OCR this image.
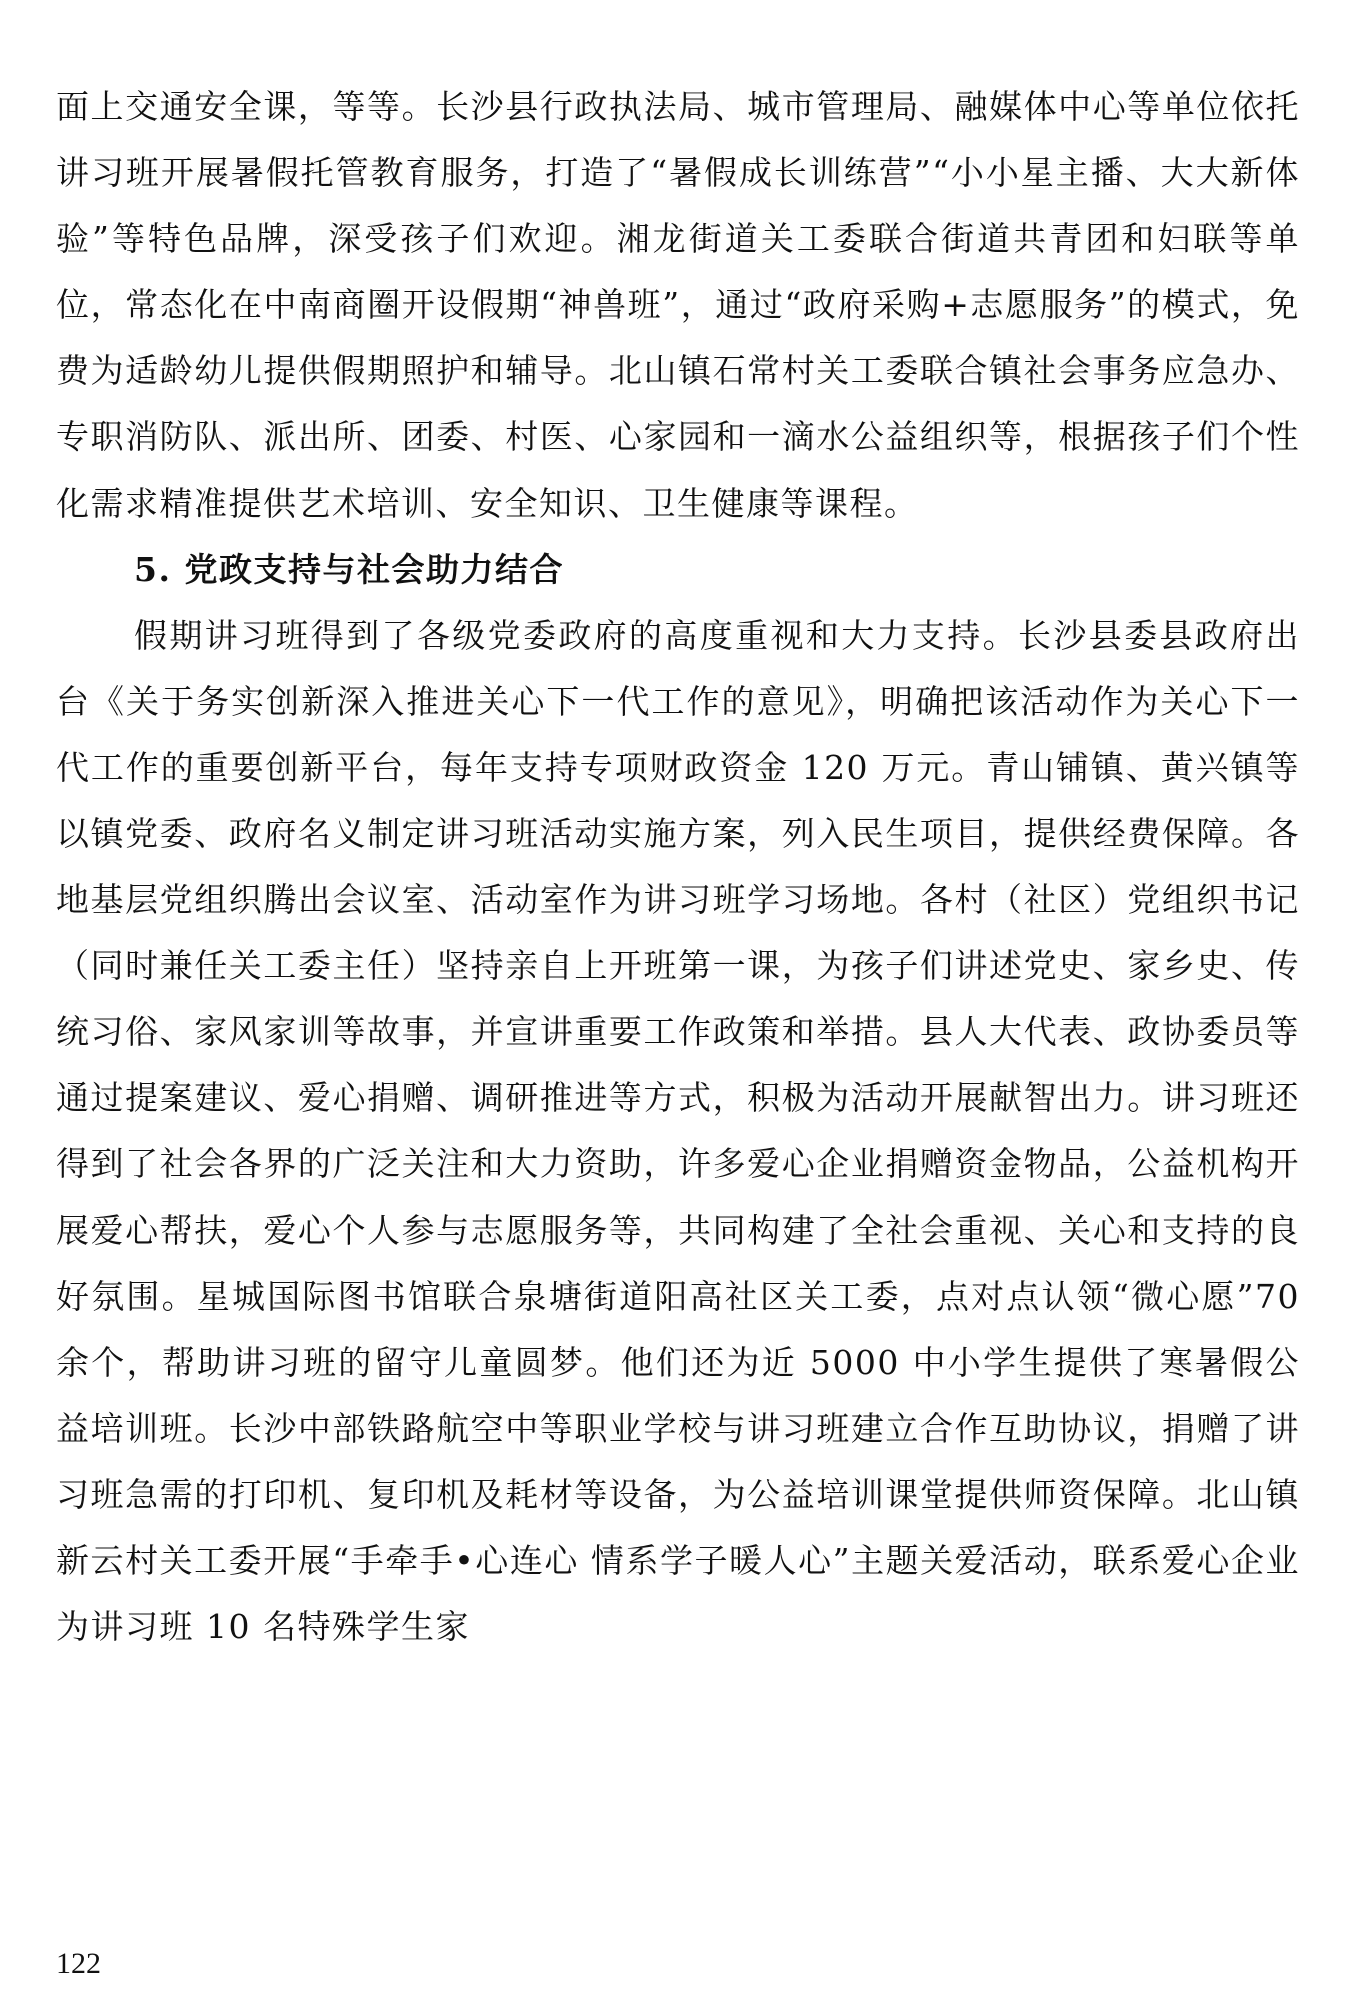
面上交通安全课，等等。长沙县行政执法局、城市管理局、融媒体中心等单位依托讲习班开展暑假托管教育服务，打造了“暑假成长训练营”“小小星主播、大大新体验”等特色品牌，深受孩子们欢迎。湘龙街道关工委联合街道共青团和妇联等单位，常态化在中南商圈开设假期“神兽班”，通过“政府采购+志愿服务”的模式，免费为适龄幼儿提供假期照护和辅导。北山镇石常村关工委联合镇社会事务应急办、专职消防队、派出所、团委、村医、心家园和一滴水公益组织等，根据孩子们个性化需求精准提供艺术培训、安全知识、卫生健康等课程。

5. 党政支持与社会助力结合

假期讲习班得到了各级党委政府的高度重视和大力支持。长沙县委县政府出台《关于务实创新深入推进关心下一代工作的意见》，明确把该活动作为关心下一代工作的重要创新平台，每年支持专项财政资金 120 万元。青山铺镇、黄兴镇等以镇党委、政府名义制定讲习班活动实施方案，列入民生项目，提供经费保障。各地基层党组织腾出会议室、活动室作为讲习班学习场地。各村（社区）党组织书记（同时兼任关工委主任）坚持亲自上开班第一课，为孩子们讲述党史、家乡史、传统习俗、家风家训等故事，并宣讲重要工作政策和举措。县人大代表、政协委员等通过提案建议、爱心捐赠、调研推进等方式，积极为活动开展献智出力。讲习班还得到了社会各界的广泛关注和大力资助，许多爱心企业捐赠资金物品，公益机构开展爱心帮扶，爱心个人参与志愿服务等，共同构建了全社会重视、关心和支持的良好氛围。星城国际图书馆联合泉塘街道阳高社区关工委，点对点认领“微心愿”70 余个，帮助讲习班的留守儿童圆梦。他们还为近 5000 中小学生提供了寒暑假公益培训班。长沙中部铁路航空中等职业学校与讲习班建立合作互助协议，捐赠了讲习班急需的打印机、复印机及耗材等设备，为公益培训课堂提供师资保障。北山镇新云村关工委开展“手牵手•心连心 情系学子暖人心”主题关爱活动，联系爱心企业为讲习班 10 名特殊学生家

122
